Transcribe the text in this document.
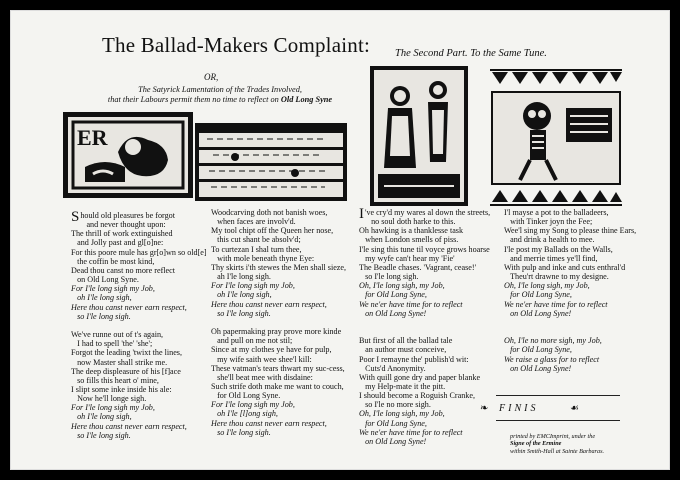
The Ballad-Makers Complaint: The Second Part. To the Same Tune.
OR,
The Satyrick Lamentation of the Trades Involved,
that their Labours permit them no time to reflect on Old Long Syne
ER

Should old pleasures be forgot

and never thought upon:

The thrill of work extinguished

and Jolly past and gl[o]ne:

For this poore mule has gr[o]wn so old[e]

the coffin be most kind,

Dead thou canst no more reflect

on Old Long Syne.

For I'le long sigh my Job,

oh I'le long sigh,

Here thou canst never earn respect,

so I'le long sigh.

We've runne out of t's again,

I had to spell 'the' 'she';

Forgot the leading 'twixt the lines,

now Master shall strike me.

The deep displeasure of his [f]ace

so fills this heart o' mine,

I slipt some inke inside his ale:

Now he'll longe sigh.

For I'le long sigh my Job,

oh I'le long sigh,

Here thou canst never earn respect,

so I'le long sigh.

Woodcarving doth not banish woes,

when faces are involv'd.

My tool chipt off the Queen her nose,

this cut shant be absolv'd;

To curtezan I shal turn thee,

with mole beneath thyne Eye:

Thy skirts i'th stewes the Men shall sieze,

ah I'le long sigh.

For I'le long sigh my Job,

oh I'le long sigh,

Here thou canst never earn respect,

so I'le long sigh.

Oh papermaking pray prove more kinde

and pull on me not stil;

Since at my clothes ye have for pulp,

my wife saith wee shee'l kill:

These vatman's tears thwart my suc-cess,

she'll beat mee with disdaine:

Such strife doth make me want to couch,

for Old Long Syne.

For I'le long sigh my Job,

oh I'le [l]ong sigh,

Here thou canst never earn respect,

so I'le long sigh.

I 've cry'd my wares al down the streets,

no soul doth harke to this.

Oh hawking is a thanklesse task

when London smells of piss.

I'le sing this tune til voyce grows hoarse

my wyfe can't hear my 'Fie'

The Beadle chases. 'Vagrant, cease!'

so I'le long sigh.

Oh, I'le long sigh, my Job,

for Old Long Syne,

We ne'er have time for to reflect

on Old Long Syne!

But first of all the ballad tale

an author must conceive,

Poor I remayne the' publish'd wit:

Cuts'd Anonymity.

With quill gone dry and paper blanke

my Help-mate it the pitt.

I should become a Roguish Cranke,

so I'le no more sigh.

Oh, I'le long sigh, my Job,

for Old Long Syne,

We ne'er have time for to reflect

on Old Long Syne!

I'l mayse a pot to the balladeers,

with Tinker joyn the Fee;

Wee'l sing my Song to please thine Ears,

and drink a health to mee.

I'le post my Ballads on the Walls,

and merrie times ye'll find,

With pulp and inke and cuts enthral'd

Theu'rt drawne to my designe.

Oh, I'le long sigh, my Job,

for Old Long Syne,

We ne'er have time for to reflect

on Old Long Syne!

Oh, I'le no more sigh, my Job,

for Old Long Syne,

We raise a glass for to reflect

on Old Long Syne!

❧ FINIS	☙
printed by EMCImprint, under the
Signe of the Ermine
within Smith-Hall at Sainte Barbaras.
